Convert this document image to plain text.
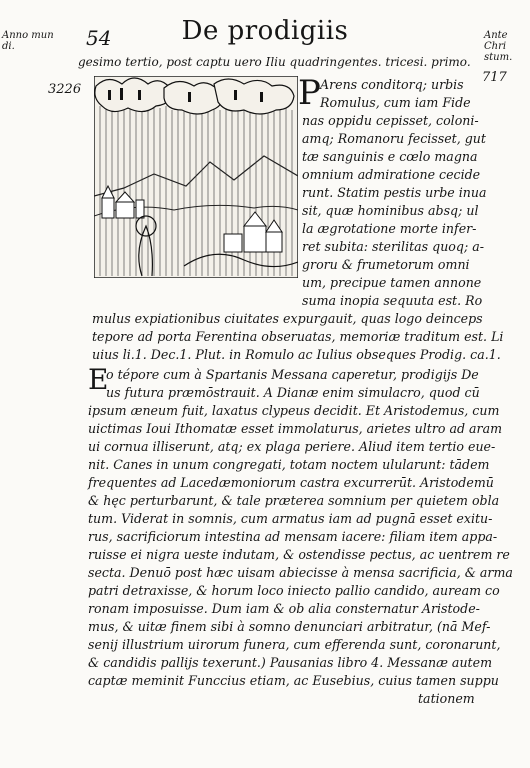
Anno mun
di.	54	De prodigiis	Ante Chri
stum.
717
3226
gesimo tertio, post captu uero Iliu quadringentes. tricesi. primo.
P Arens conditorq; urbis
Romulus, cum iam Fide
nas oppidu cepisset, coloni-
amq; Romanoru fecisset, gut
tæ sanguinis e cœlo magna
omnium admiratione cecide
runt. Statim pestis urbe inua
sit, quæ hominibus absq; ul
la ægrotatione morte infer-
ret subita: sterilitas quoq; a-
groru & frumetorum omni
um, precipue tamen annone
suma inopia sequuta est. Ro
mulus expiationibus ciuitates expurgauit, quas logo deinceps
tepore ad porta Ferentina obseruatas, memoriæ traditum est. Li
uius li.1. Dec.1. Plut. in Romulo ac Iulius obseques Prodig. ca.1.
E
o tépore cum à Spartanis Messana caperetur, prodigijs De
us futura præmōstrauit. A Dianæ enim simulacro, quod cū
ipsum æneum fuit, laxatus clypeus decidit. Et Aristodemus, cum
uictimas Ioui Ithomatæ esset immolaturus, arietes ultro ad aram
ui cornua illiserunt, atq; ex plaga periere. Aliud item tertio eue-
nit. Canes in unum congregati, totam noctem ulularunt: tādem
frequentes ad Lacedæmoniorum castra excurrerūt. Aristodemū
& hęc perturbarunt, & tale præterea somnium per quietem obla
tum. Viderat in somnis, cum armatus iam ad pugnā esset exitu-
rus, sacrificiorum intestina ad mensam iacere: filiam item appa-
ruisse ei nigra ueste indutam, & ostendisse pectus, ac uentrem re
secta. Denuō post hæc uisam abiecisse à mensa sacrificia, & arma
patri detraxisse, & horum loco iniecto pallio candido, auream co
ronam imposuisse. Dum iam & ob alia consternatur Aristode-
mus, & uitæ finem sibi à somno denunciari arbitratur, (nā Mef-
senij illustrium uirorum funera, cum efferenda sunt, coronarunt,
& candidis pallijs texerunt.) Pausanias libro 4. Messanæ autem
captæ meminit Funccius etiam, ac Eusebius, cuius tamen suppu
tationem
